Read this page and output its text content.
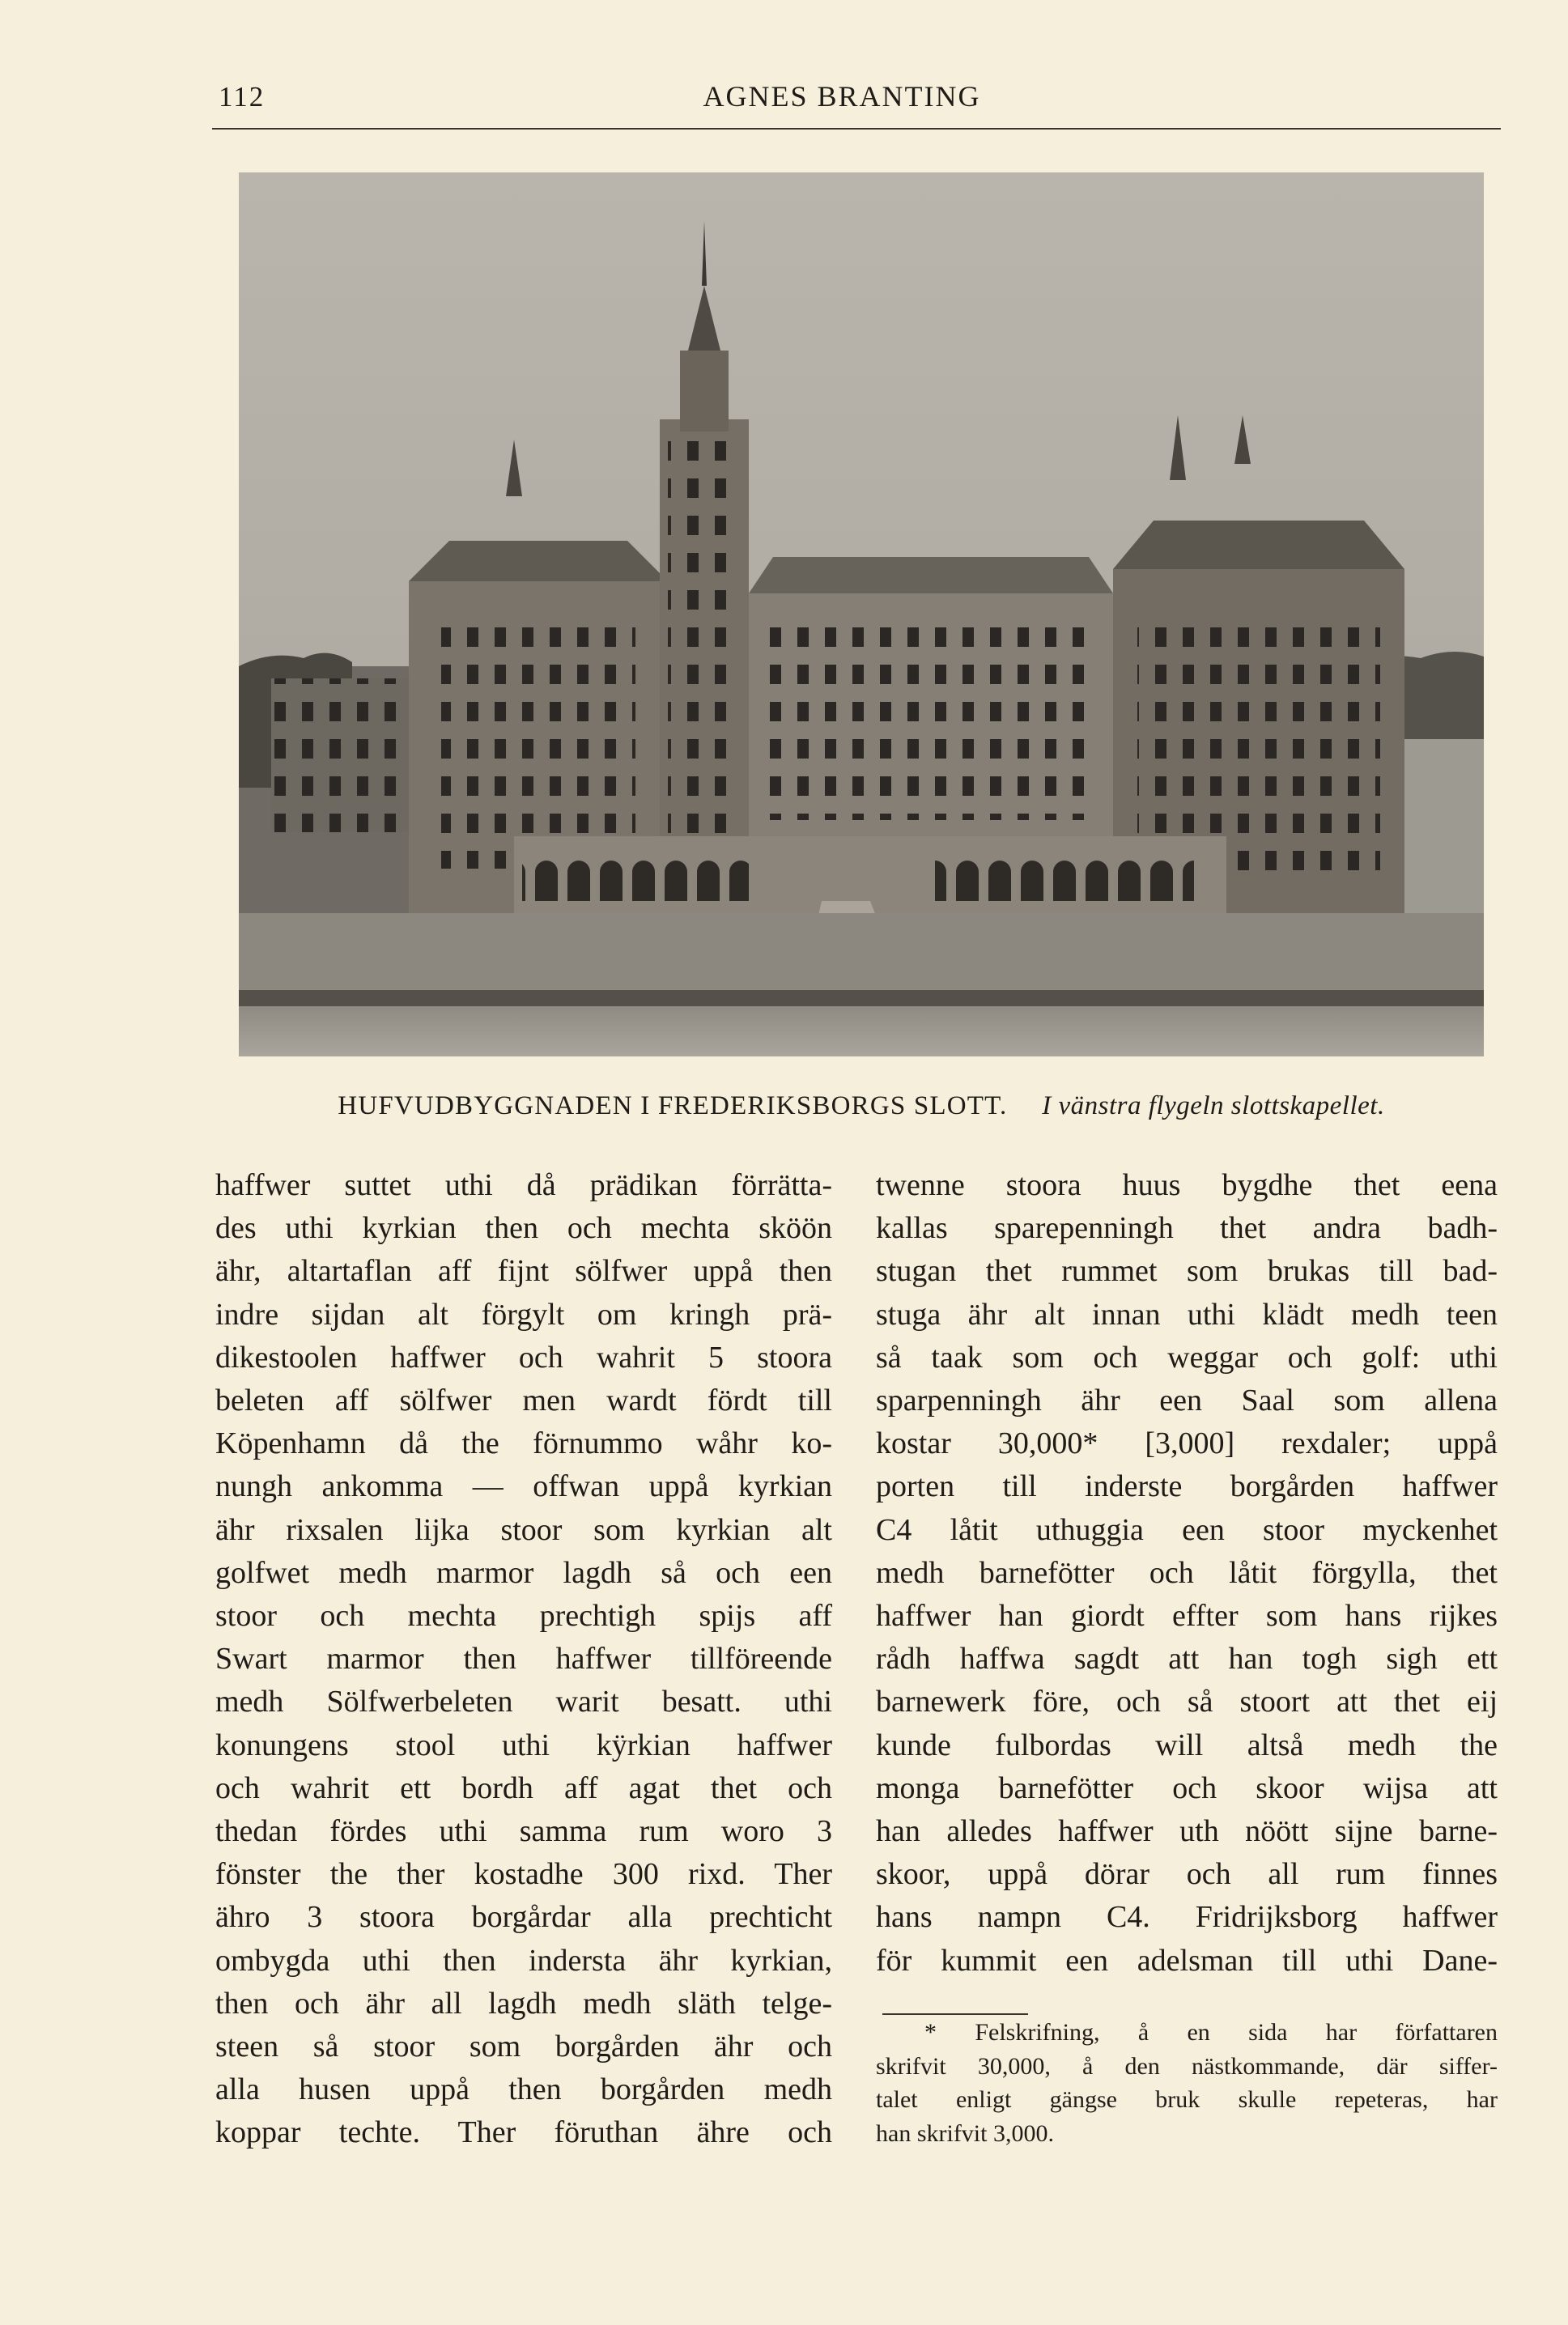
112	AGNES BRANTING
HUFVUDBYGGNADEN I FREDERIKSBORGS SLOTT. I vänstra flygeln slottskapellet.
haffwer suttet uthi då prädikan förrätta-
des uthi kyrkian then och mechta sköön
ähr, altartaflan aff fijnt sölfwer uppå then
indre sijdan alt förgylt om kringh prä-
dikestoolen haffwer och wahrit 5 stoora
beleten aff sölfwer men wardt fördt till
Köpenhamn då the förnummo wåhr ko-
nungh ankomma — offwan uppå kyrkian
ähr rixsalen lijka stoor som kyrkian alt
golfwet medh marmor lagdh så och een
stoor och mechta prechtigh spijs aff
Swart marmor then haffwer tillföreende
medh Sölfwerbeleten warit besatt. uthi
konungens stool uthi kÿrkian haffwer
och wahrit ett bordh aff agat thet och
thedan fördes uthi samma rum woro 3
fönster the ther kostadhe 300 rixd. Ther
ähro 3 stoora borgårdar alla prechticht
ombygda uthi then indersta ähr kyrkian,
then och ähr all lagdh medh släth telge-
steen så stoor som borgården ähr och
alla husen uppå then borgården medh
koppar techte. Ther föruthan ähre och
twenne stoora huus bygdhe thet eena
kallas sparepenningh thet andra badh-
stugan thet rummet som brukas till bad-
stuga ähr alt innan uthi klädt medh teen
så taak som och weggar och golf: uthi
sparpenningh ähr een Saal som allena
kostar 30,000* [3,000] rexdaler; uppå
porten till inderste borgården haffwer
C4 låtit uthuggia een stoor myckenhet
medh barnefötter och låtit förgylla, thet
haffwer han giordt effter som hans rijkes
rådh haffwa sagdt att han togh sigh ett
barnewerk före, och så stoort att thet eij
kunde fulbordas will altså medh the
monga barnefötter och skoor wijsa att
han alledes haffwer uth nöött sijne barne-
skoor, uppå dörar och all rum finnes
hans nampn C4. Fridrijksborg haffwer
för kummit een adelsman till uthi Dane-
* Felskrifning, å en sida har författaren
skrifvit 30,000, å den nästkommande, där siffer-
talet enligt gängse bruk skulle repeteras, har
han skrifvit 3,000.
